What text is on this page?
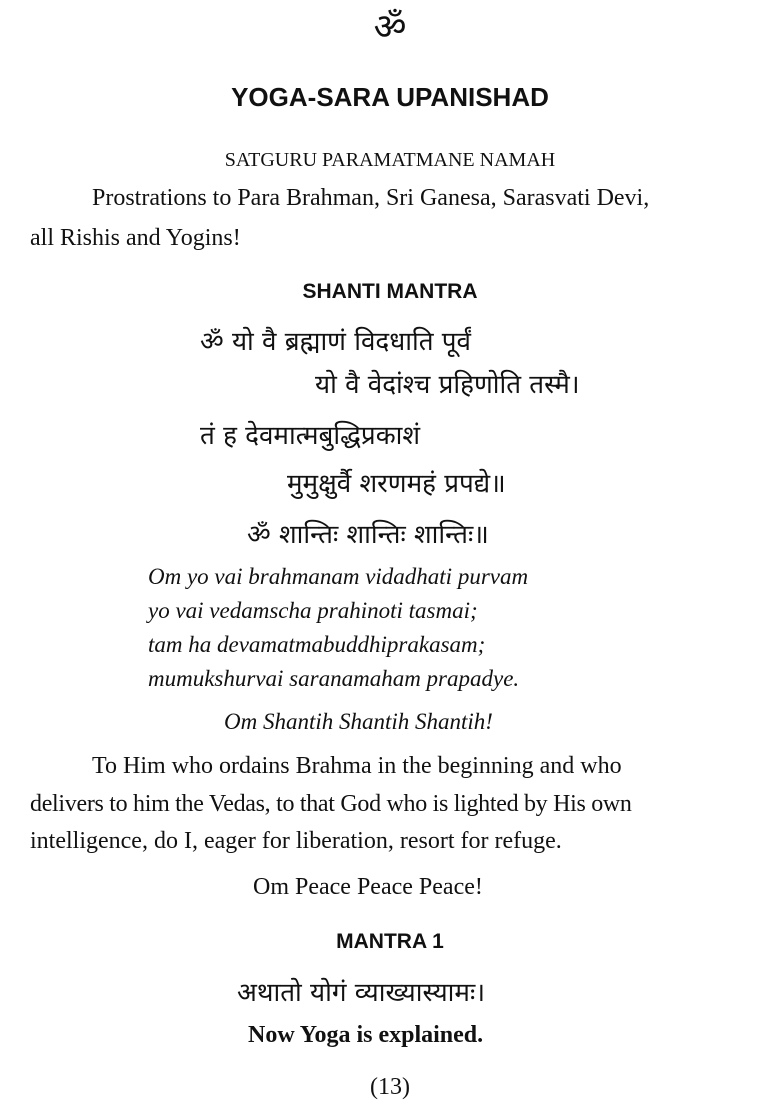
ॐ
YOGA-SARA UPANISHAD
SATGURU PARAMATMANE NAMAH
Prostrations to Para Brahman, Sri Ganesa, Sarasvati Devi,
all Rishis and Yogins!
SHANTI MANTRA
ॐ यो वै ब्रह्माणं विदधाति पूर्वं
यो वै वेदांश्च प्रहिणोति तस्मै।
तं ह देवमात्मबुद्धिप्रकाशं
मुमुक्षुर्वै शरणमहं प्रपद्ये॥
ॐ शान्तिः शान्तिः शान्तिः॥
Om yo vai brahmanam vidadhati purvam
yo vai vedamscha prahinoti tasmai;
tam ha devamatmabuddhiprakasam;
mumukshurvai saranamaham prapadye.
Om Shantih Shantih Shantih!
To Him who ordains Brahma in the beginning and who
delivers to him the Vedas, to that God who is lighted by His own
intelligence, do I, eager for liberation, resort for refuge.
Om Peace Peace Peace!
MANTRA 1
अथातो योगं व्याख्यास्यामः।
Now Yoga is explained.
(13)
